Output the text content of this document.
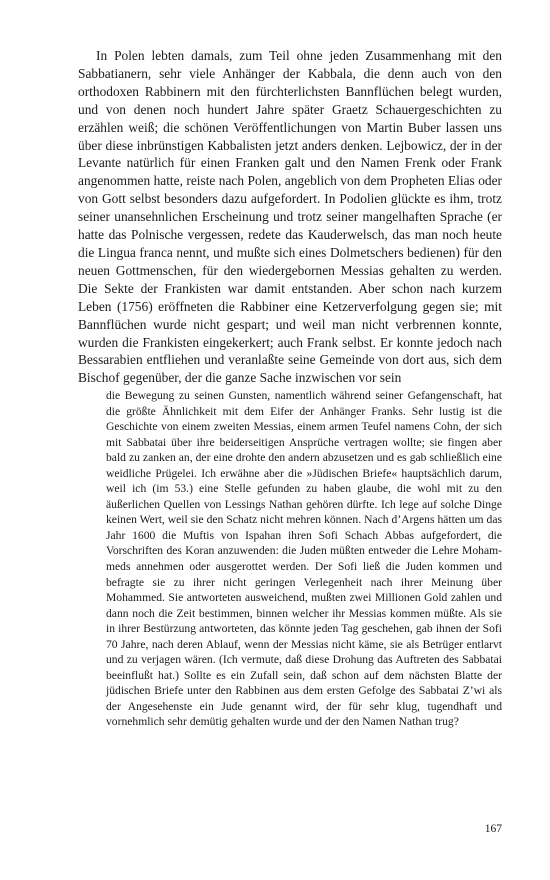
In Polen lebten damals, zum Teil ohne jeden Zusammenhang mit den Sabbatianern, sehr viele Anhänger der Kabbala, die denn auch von den orthodoxen Rabbinern mit den fürchterlichsten Bannflüchen belegt wurden, und von denen noch hundert Jahre später Graetz Schauergeschichten zu erzählen weiß; die schönen Veröffentlichungen von Martin Buber lassen uns über diese inbrünstigen Kabbalisten jetzt anders denken. Lejbowicz, der in der Levante natürlich für einen Franken galt und den Namen Frenk oder Frank angenommen hatte, reiste nach Polen, angeblich von dem Propheten Elias oder von Gott selbst besonders dazu aufgefordert. In Podolien glückte es ihm, trotz seiner unansehnlichen Erscheinung und trotz seiner mangelhaften Sprache (er hatte das Polnische vergessen, redete das Kauderwelsch, das man noch heute die Lingua franca nennt, und mußte sich eines Dolmetschers bedienen) für den neuen Gottmenschen, für den wiedergebornen Messias gehalten zu werden. Die Sekte der Frankisten war damit entstanden. Aber schon nach kurzem Leben (1756) eröffneten die Rabbiner eine Ketzerverfolgung gegen sie; mit Bannflüchen wurde nicht gespart; und weil man nicht verbrennen konnte, wurden die Frankisten eingekerkert; auch Frank selbst. Er konnte jedoch nach Bessarabien entfliehen und veranlaßte seine Gemeinde von dort aus, sich dem Bischof gegenüber, der die ganze Sache inzwischen vor sein

die Bewegung zu seinen Gunsten, namentlich während seiner Gefangenschaft, hat die größte Ähnlichkeit mit dem Eifer der Anhänger Franks. Sehr lustig ist die Geschichte von einem zweiten Messias, einem armen Teufel namens Cohn, der sich mit Sabbatai über ihre beiderseitigen Ansprüche vertragen wollte; sie fingen aber bald zu zanken an, der eine drohte den andern abzusetzen und es gab schließlich eine weidliche Prügelei. Ich erwähne aber die »Jüdischen Briefe« hauptsächlich darum, weil ich (im 53.) eine Stelle gefunden zu haben glaube, die wohl mit zu den äußerlichen Quellen von Lessings Nathan gehören dürfte. Ich lege auf solche Dinge keinen Wert, weil sie den Schatz nicht mehren können. Nach d’Argens hätten um das Jahr 1600 die Muftis von Ispahan ihren Sofi Schach Abbas aufgefordert, die Vorschriften des Koran anzuwenden: die Juden müßten entweder die Lehre Mohammeds annehmen oder ausgerottet werden. Der Sofi ließ die Juden kommen und befragte sie zu ihrer nicht geringen Verlegenheit nach ihrer Meinung über Mohammed. Sie antworteten ausweichend, mußten zwei Millionen Gold zahlen und dann noch die Zeit bestimmen, binnen welcher ihr Messias kommen müßte. Als sie in ihrer Bestürzung antworteten, das könnte jeden Tag geschehen, gab ihnen der Sofi 70 Jahre, nach deren Ablauf, wenn der Messias nicht käme, sie als Betrüger entlarvt und zu verjagen wären. (Ich vermute, daß diese Drohung das Auftreten des Sabbatai beeinflußt hat.) Sollte es ein Zufall sein, daß schon auf dem nächsten Blatte der jüdischen Briefe unter den Rabbinen aus dem ersten Gefolge des Sabbatai Z’wi als der Angesehenste ein Jude genannt wird, der für sehr klug, tugendhaft und vornehmlich sehr demütig gehalten wurde und der den Namen Nathan trug?

167
